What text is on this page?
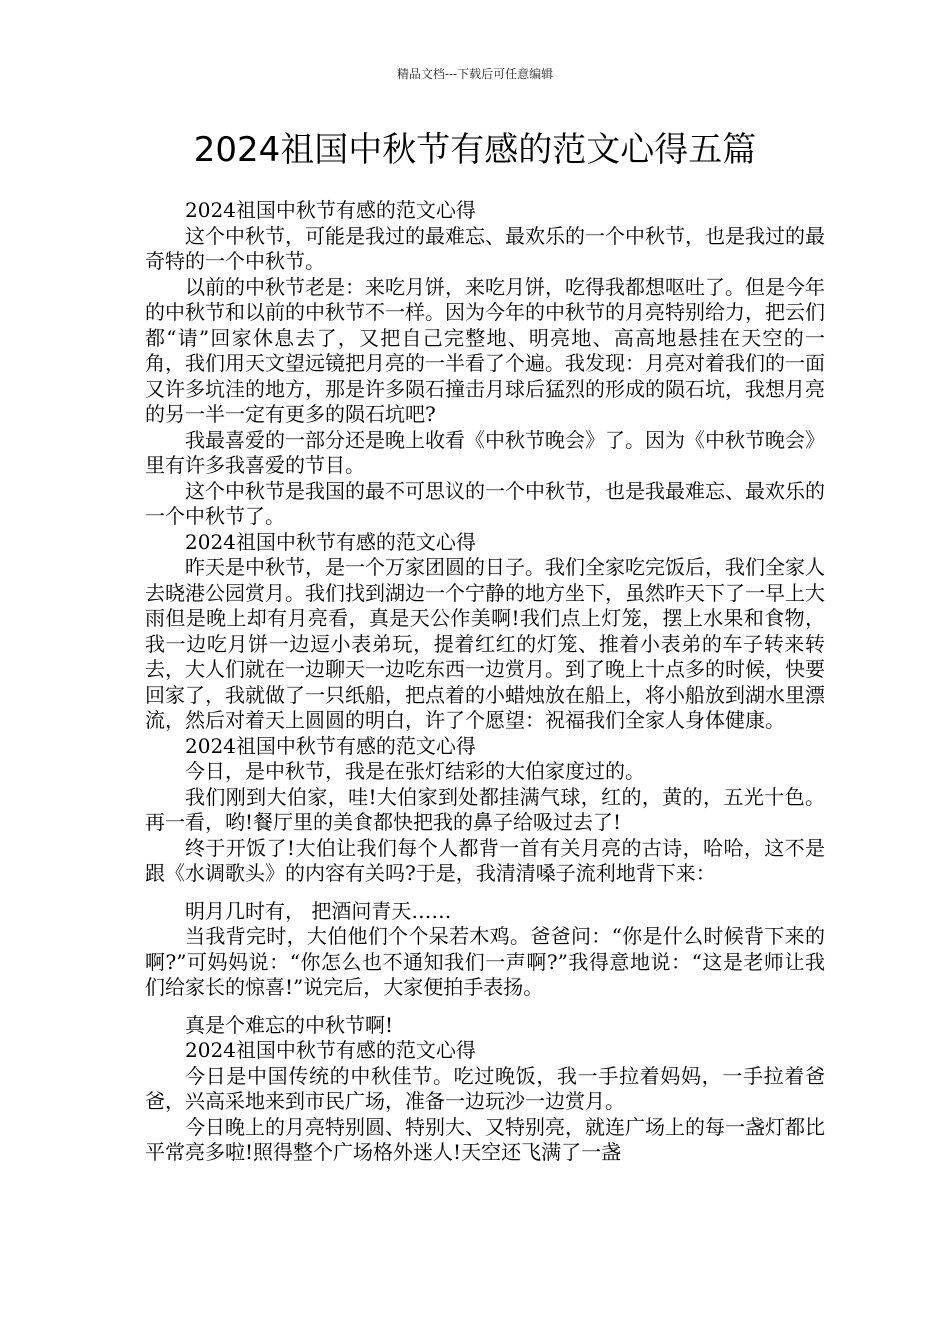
精品文档---下载后可任意编辑
2024祖国中秋节有感的范文心得五篇

2024祖国中秋节有感的范文心得

这个中秋节，可能是我过的最难忘、最欢乐的一个中秋节，也是我过的最奇特的一个中秋节。

以前的中秋节老是：来吃月饼，来吃月饼，吃得我都想呕吐了。但是今年的中秋节和以前的中秋节不一样。因为今年的中秋节的月亮特别给力，把云们都“请”回家休息去了，又把自己完整地、明亮地、高高地悬挂在天空的一角，我们用天文望远镜把月亮的一半看了个遍。我发现：月亮对着我们的一面又许多坑洼的地方，那是许多陨石撞击月球后猛烈的形成的陨石坑，我想月亮的另一半一定有更多的陨石坑吧?

我最喜爱的一部分还是晚上收看《中秋节晚会》了。因为《中秋节晚会》里有许多我喜爱的节目。

这个中秋节是我国的最不可思议的一个中秋节，也是我最难忘、最欢乐的一个中秋节了。

2024祖国中秋节有感的范文心得

昨天是中秋节，是一个万家团圆的日子。我们全家吃完饭后，我们全家人去晓港公园赏月。我们找到湖边一个宁静的地方坐下，虽然昨天下了一早上大雨但是晚上却有月亮看，真是天公作美啊!我们点上灯笼，摆上水果和食物，我一边吃月饼一边逗小表弟玩，提着红红的灯笼、推着小表弟的车子转来转去，大人们就在一边聊天一边吃东西一边赏月。到了晚上十点多的时候，快要回家了，我就做了一只纸船，把点着的小蜡烛放在船上，将小船放到湖水里漂流，然后对着天上圆圆的明白，许了个愿望：祝福我们全家人身体健康。

2024祖国中秋节有感的范文心得

今日，是中秋节，我是在张灯结彩的大伯家度过的。

我们刚到大伯家，哇!大伯家到处都挂满气球，红的，黄的，五光十色。再一看，哟!餐厅里的美食都快把我的鼻子给吸过去了!

终于开饭了!大伯让我们每个人都背一首有关月亮的古诗，哈哈，这不是跟《水调歌头》的内容有关吗?于是，我清清嗓子流利地背下来：

明月几时有， 把酒问青天……

当我背完时，大伯他们个个呆若木鸡。爸爸问：“你是什么时候背下来的啊?”可妈妈说：“你怎么也不通知我们一声啊?”我得意地说：“这是老师让我们给家长的惊喜!”说完后，大家便拍手表扬。

真是个难忘的中秋节啊!

2024祖国中秋节有感的范文心得

今日是中国传统的中秋佳节。吃过晚饭，我一手拉着妈妈，一手拉着爸爸，兴高采地来到市民广场，准备一边玩沙一边赏月。

今日晚上的月亮特别圆、特别大、又特别亮，就连广场上的每一盏灯都比平常亮多啦!照得整个广场格外迷人!天空还飞满了一盏
